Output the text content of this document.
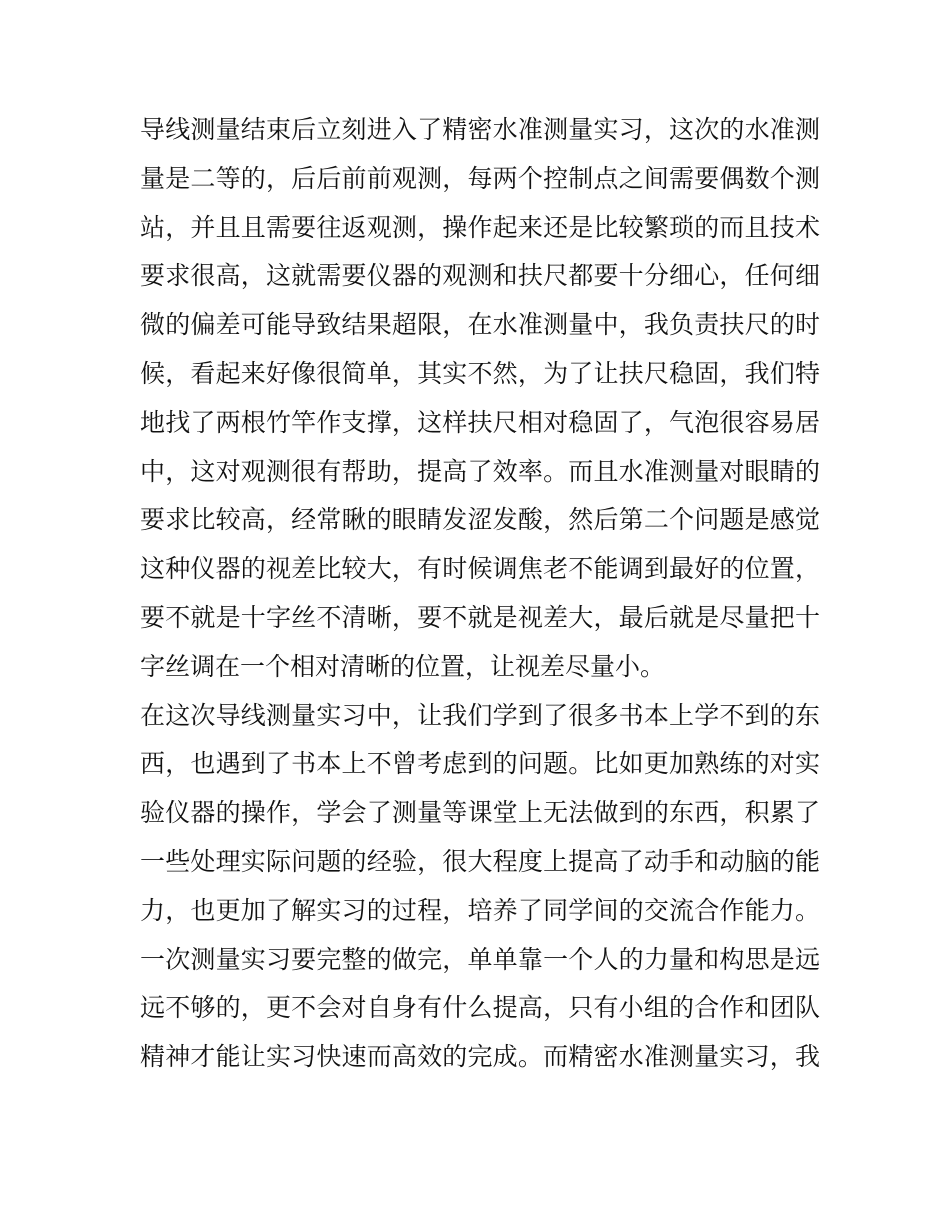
导线测量结束后立刻进入了精密水准测量实习，这次的水准测
量是二等的，后后前前观测，每两个控制点之间需要偶数个测
站，并且且需要往返观测，操作起来还是比较繁琐的而且技术
要求很高，这就需要仪器的观测和扶尺都要十分细心，任何细
微的偏差可能导致结果超限，在水准测量中，我负责扶尺的时
候，看起来好像很简单，其实不然，为了让扶尺稳固，我们特
地找了两根竹竿作支撑，这样扶尺相对稳固了，气泡很容易居
中，这对观测很有帮助，提高了效率。而且水准测量对眼睛的
要求比较高，经常瞅的眼睛发涩发酸，然后第二个问题是感觉
这种仪器的视差比较大，有时候调焦老不能调到最好的位置，
要不就是十字丝不清晰，要不就是视差大，最后就是尽量把十
字丝调在一个相对清晰的位置，让视差尽量小。
在这次导线测量实习中，让我们学到了很多书本上学不到的东
西，也遇到了书本上不曾考虑到的问题。比如更加熟练的对实
验仪器的操作，学会了测量等课堂上无法做到的东西，积累了
一些处理实际问题的经验，很大程度上提高了动手和动脑的能
力，也更加了解实习的过程，培养了同学间的交流合作能力。
一次测量实习要完整的做完，单单靠一个人的力量和构思是远
远不够的，更不会对自身有什么提高，只有小组的合作和团队
精神才能让实习快速而高效的完成。而精密水准测量实习，我
